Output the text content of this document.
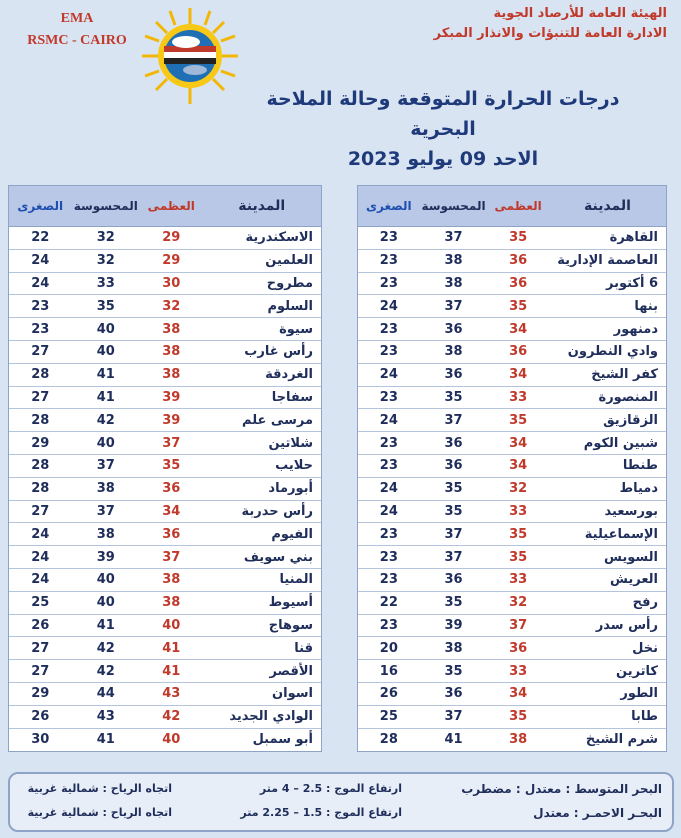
EMA
RSMC - CAIRO
الهيئة العامة للأرصاد الجوية
الادارة العامة للتنبؤات والانذار المبكر
درجات الحرارة المتوقعة وحالة الملاحة البحرية
الاحد 09 يوليو 2023
المدينة
العظمى
المحسوسة
الصغرى
القاهرة
35
37
23
العاصمة الإدارية
36
38
23
6 أكتوبر
36
38
23
بنها
35
37
24
دمنهور
34
36
23
وادي النطرون
36
38
23
كفر الشيخ
34
36
24
المنصورة
33
35
23
الزقازيق
35
37
24
شبين الكوم
34
36
23
طنطا
34
36
23
دمياط
32
35
24
بورسعيد
33
35
24
الإسماعيلية
35
37
23
السويس
35
37
23
العريش
33
36
23
رفح
32
35
22
رأس سدر
37
39
23
نخل
36
38
20
كاترين
33
35
16
الطور
34
36
26
طابا
35
37
25
شرم الشيخ
38
41
28
المدينة
العظمى
المحسوسة
الصغرى
الاسكندرية
29
32
22
العلمين
29
32
24
مطروح
30
33
24
السلوم
32
35
23
سيوة
38
40
23
رأس غارب
38
40
27
الغردقة
38
41
28
سفاجا
39
41
27
مرسى علم
39
42
28
شلاتين
37
40
29
حلايب
35
37
28
أبورماد
36
38
28
رأس حدربة
34
37
27
الفيوم
36
38
24
بني سويف
37
39
24
المنيا
38
40
24
أسيوط
38
40
25
سوهاج
40
41
26
قنا
41
42
27
الأقصر
41
42
27
اسوان
43
44
29
الوادي الجديد
42
43
26
أبو سمبل
40
41
30
البحر المتوسط : معتدل : مضطرب
ارتفاع الموج : 2.5 – 4 متر
اتجاه الرياح : شمالية غربية
البحـر الاحمـر : معتدل
ارتفاع الموج : 1.5 – 2.25 متر
اتجاه الرياح : شمالية غربية
